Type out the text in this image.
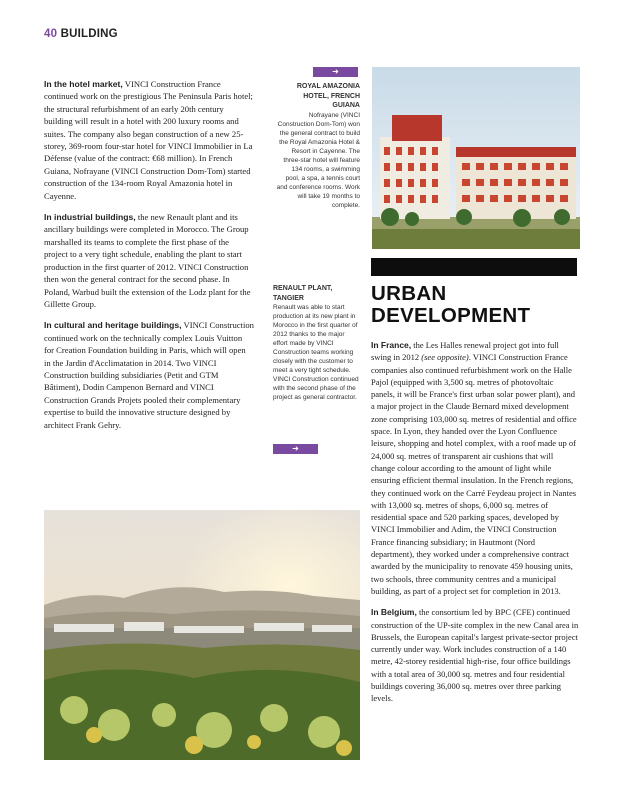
40 BUILDING

In the hotel market, VINCI Construction France continued work on the prestigious The Peninsula Paris hotel; the structural refurbishment of an early 20th century building will result in a hotel with 200 luxury rooms and suites. The company also began construction of a new 25-storey, 369-room four-star hotel for VINCI Immobilier in La Défense (value of the contract: €68 million). In French Guiana, Nofrayane (VINCI Construction Dom-Tom) started construction of the 134-room Royal Amazonia hotel in Cayenne.

In industrial buildings, the new Renault plant and its ancillary buildings were completed in Morocco. The Group marshalled its teams to complete the first phase of the project to a very tight schedule, enabling the plant to start production in the first quarter of 2012. VINCI Construction then won the general contract for the second phase. In Poland, Warbud built the extension of the Lodz plant for the Gillette Group.

In cultural and heritage buildings, VINCI Construction continued work on the technically complex Louis Vuitton for Creation Foundation building in Paris, which will open in the Jardin d'Acclimatation in 2014. Two VINCI Construction building subsidiaries (Petit and GTM Bâtiment), Dodin Campenon Bernard and VINCI Construction Grands Projets pooled their complementary expertise to build the innovative structure designed by architect Frank Gehry.

➜
ROYAL AMAZONIA HOTEL, FRENCH GUIANA
Nofrayane (VINCI Construction Dom-Tom) won the general contract to build the Royal Amazonia Hotel & Resort in Cayenne. The three-star hotel will feature 134 rooms, a swimming pool, a spa, a tennis court and conference rooms. Work will take 19 months to complete.
RENAULT PLANT, TANGIER
Renault was able to start production at its new plant in Morocco in the first quarter of 2012 thanks to the major effort made by VINCI Construction teams working closely with the customer to meet a very tight schedule. VINCI Construction continued with the second phase of the project as general contractor.
➜
URBAN
DEVELOPMENT

In France, the Les Halles renewal project got into full swing in 2012 (see opposite). VINCI Construction France companies also continued refurbishment work on the Halle Pajol (equipped with 3,500 sq. metres of photovoltaic panels, it will be France's first urban solar power plant), and a major project in the Claude Bernard mixed development zone comprising 103,000 sq. metres of residential and office space. In Lyon, they handed over the Lyon Confluence leisure, shopping and hotel complex, with a roof made up of 24,000 sq. metres of transparent air cushions that will change colour according to the amount of light while ensuring efficient thermal insulation. In the French regions, they continued work on the Carré Feydeau project in Nantes with 13,000 sq. metres of shops, 6,000 sq. metres of residential space and 520 parking spaces, developed by VINCI Immobilier and Adim, the VINCI Construction France financing subsidiary; in Hautmont (Nord department), they worked under a comprehensive contract awarded by the municipality to renovate 459 housing units, two schools, three community centres and a municipal building, as part of a project set for completion in 2013.

In Belgium, the consortium led by BPC (CFE) continued construction of the UP-site complex in the new Canal area in Brussels, the European capital's largest private-sector project currently under way. Work includes construction of a 140 metre, 42-storey residential high-rise, four office buildings with a total area of 30,000 sq. metres and four residential buildings covering 36,000 sq. metres over three parking levels.
